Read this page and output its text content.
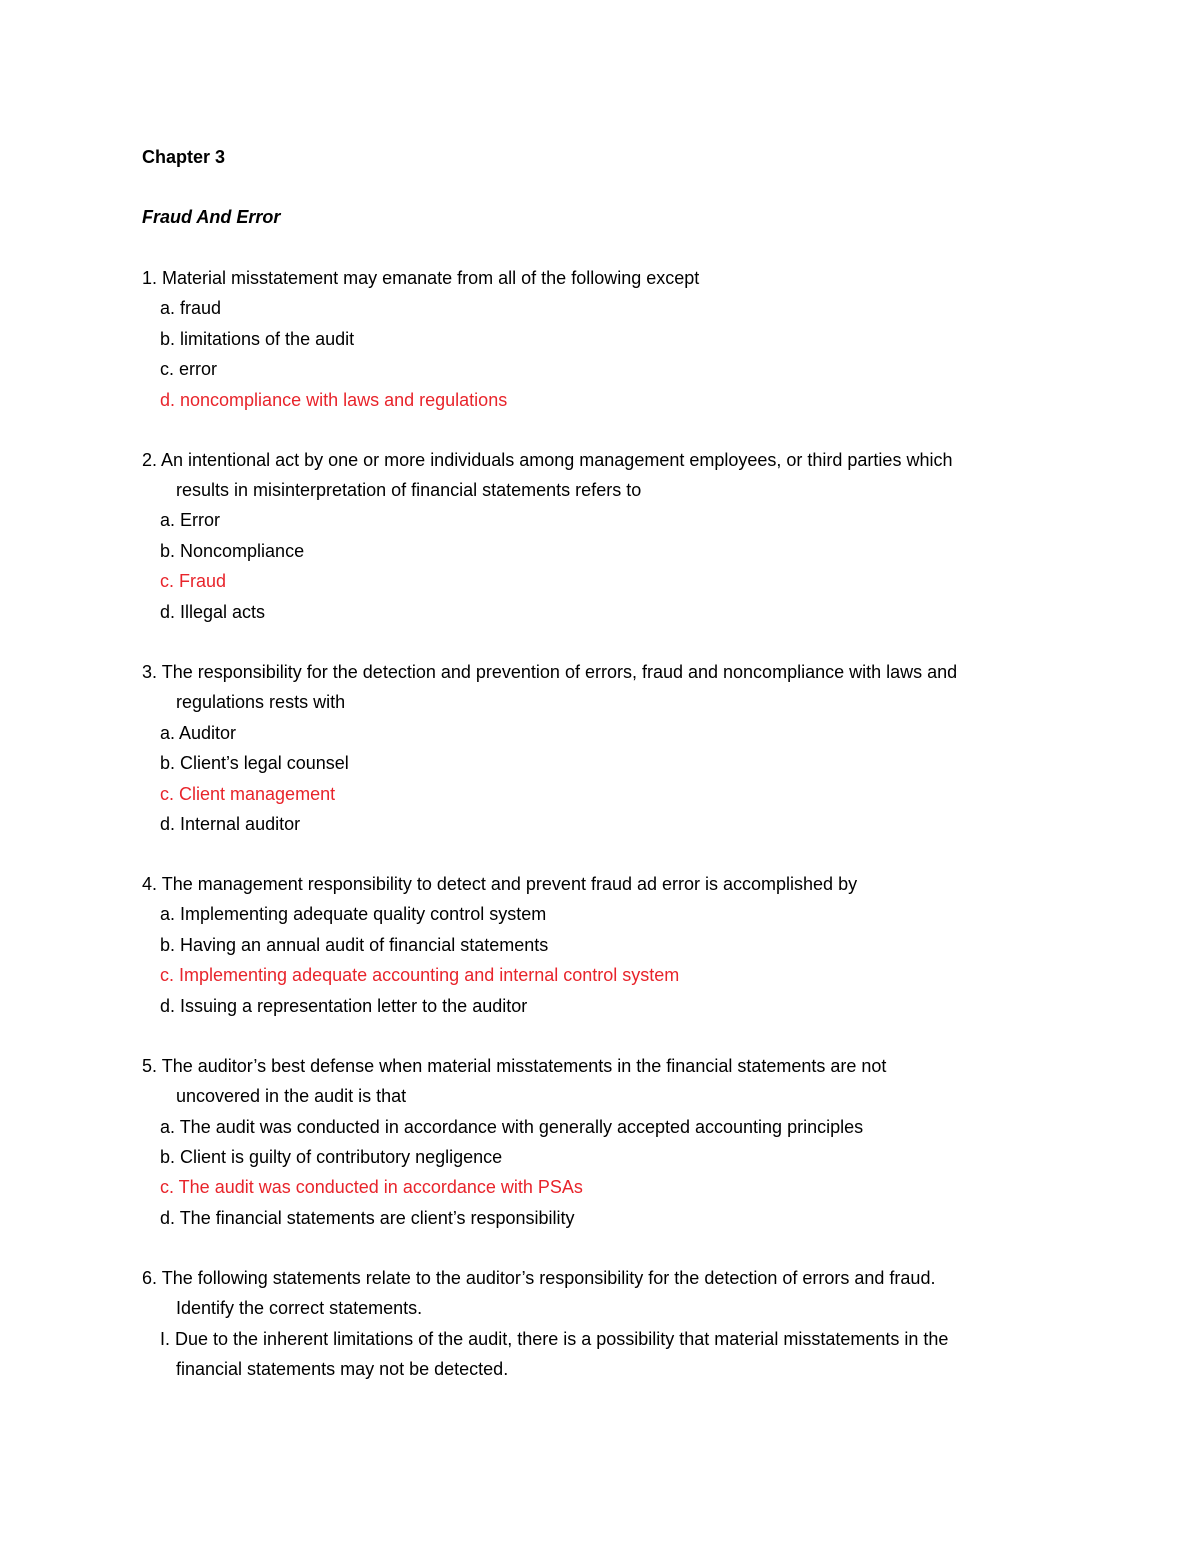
Chapter 3
Fraud And Error
1. Material misstatement may emanate from all of the following except
a. fraud
b. limitations of the audit
c. error
d. noncompliance with laws and regulations
2. An intentional act by one or more individuals among management employees, or third parties which
results in misinterpretation of financial statements refers to
a. Error
b. Noncompliance
c. Fraud
d. Illegal acts
3. The responsibility for the detection and prevention of errors, fraud and noncompliance with laws and
regulations rests with
a. Auditor
b. Client’s legal counsel
c. Client management
d. Internal auditor
4. The management responsibility to detect and prevent fraud ad error is accomplished by
a. Implementing adequate quality control system
b. Having an annual audit of financial statements
c. Implementing adequate accounting and internal control system
d. Issuing a representation letter to the auditor
5. The auditor’s best defense when material misstatements in the financial statements are not
uncovered in the audit is that
a. The audit was conducted in accordance with generally accepted accounting principles
b. Client is guilty of contributory negligence
c. The audit was conducted in accordance with PSAs
d. The financial statements are client’s responsibility
6. The following statements relate to the auditor’s responsibility for the detection of errors and fraud.
Identify the correct statements.
I. Due to the inherent limitations of the audit, there is a possibility that material misstatements in the
financial statements may not be detected.
